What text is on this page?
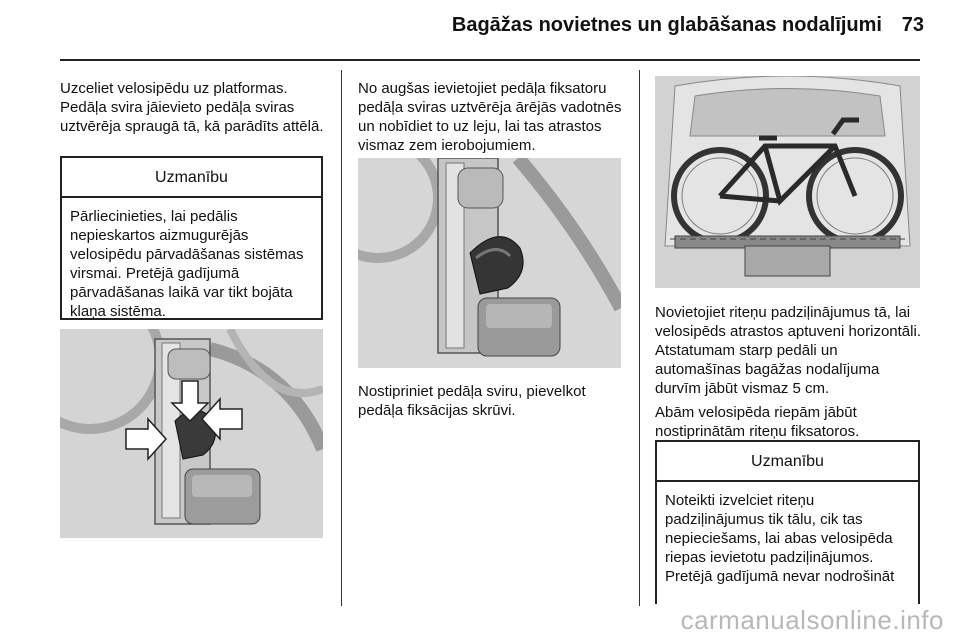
Bagāžas novietnes un glabāšanas nodalījumi 73

Uzceliet velosipēdu uz platformas. Pedāļa svira jāievieto pedāļa sviras uztvērēja spraugā tā, kā parādīts attēlā.

Uzmanību
Pārliecinieties, lai pedālis nepieskartos aizmugurējās velosipēdu pārvadāšanas sistēmas virsmai. Pretējā gadījumā pārvadāšanas laikā var tikt bojāta klaņa sistēma.

No augšas ievietojiet pedāļa fiksatoru pedāļa sviras uztvērēja ārējās vadotnēs un nobīdiet to uz leju, lai tas atrastos vismaz zem ierobojumiem.

Nostipriniet pedāļa sviru, pievelkot pedāļa fiksācijas skrūvi.

Novietojiet riteņu padziļinājumus tā, lai velosipēds atrastos aptuveni horizontāli. Atstatumam starp pedāli un automašīnas bagāžas nodalījuma durvīm jābūt vismaz 5 cm.

Abām velosipēda riepām jābūt nostiprinātām riteņu fiksatoros.

Uzmanību
Noteikti izvelciet riteņu padziļinājumus tik tālu, cik tas nepieciešams, lai abas velosipēda riepas ievietotu padziļinājumos. Pretējā gadījumā nevar nodrošināt
carmanualsonline.info
